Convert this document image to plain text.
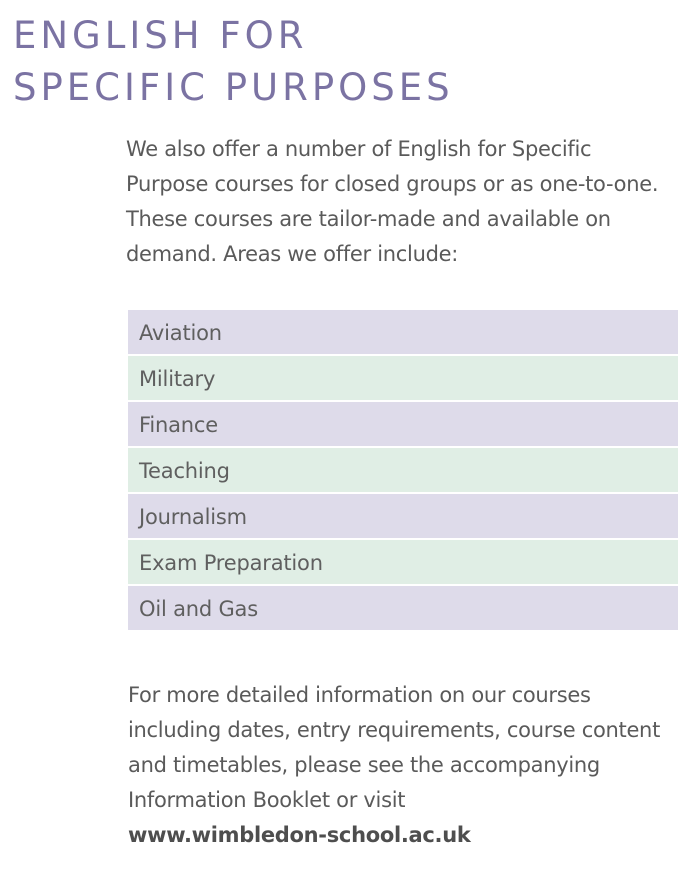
ENGLISH FOR
SPECIFIC PURPOSES

We also offer a number of English for Specific Purpose courses for closed groups or as one-to-one. These courses are tailor-made and available on demand. Areas we offer include:

Aviation
Military
Finance
Teaching
Journalism
Exam Preparation
Oil and Gas

For more detailed information on our courses including dates, entry requirements, course content and timetables, please see the accompanying Information Booklet or visit
www.wimbledon-school.ac.uk
